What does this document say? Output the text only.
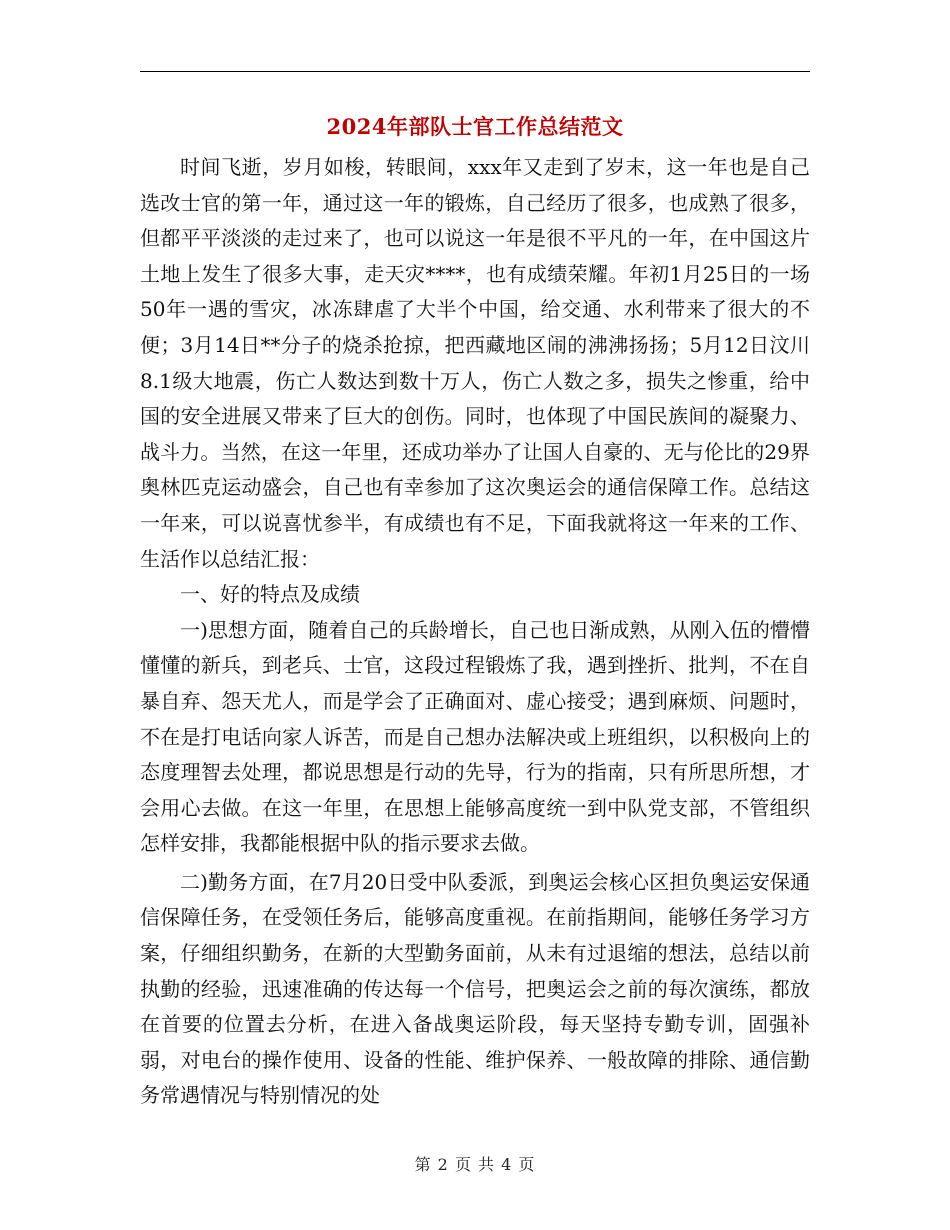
2024年部队士官工作总结范文

时间飞逝，岁月如梭，转眼间，xxx年又走到了岁末，这一年也是自己选改士官的第一年，通过这一年的锻炼，自己经历了很多，也成熟了很多，但都平平淡淡的走过来了，也可以说这一年是很不平凡的一年，在中国这片土地上发生了很多大事，走天灾****，也有成绩荣耀。年初1月25日的一场50年一遇的雪灾，冰冻肆虐了大半个中国，给交通、水利带来了很大的不便；3月14日**分子的烧杀抢掠，把西藏地区闹的沸沸扬扬；5月12日汶川8.1级大地震，伤亡人数达到数十万人，伤亡人数之多，损失之惨重，给中国的安全进展又带来了巨大的创伤。同时，也体现了中国民族间的凝聚力、战斗力。当然，在这一年里，还成功举办了让国人自豪的、无与伦比的29界奥林匹克运动盛会，自己也有幸参加了这次奥运会的通信保障工作。总结这一年来，可以说喜忧参半，有成绩也有不足，下面我就将这一年来的工作、生活作以总结汇报：

一、好的特点及成绩

一)思想方面，随着自己的兵龄增长，自己也日渐成熟，从刚入伍的懵懵懂懂的新兵，到老兵、士官，这段过程锻炼了我，遇到挫折、批判，不在自暴自弃、怨天尤人，而是学会了正确面对、虚心接受；遇到麻烦、问题时，不在是打电话向家人诉苦，而是自己想办法解决或上班组织，以积极向上的态度理智去处理，都说思想是行动的先导，行为的指南，只有所思所想，才会用心去做。在这一年里，在思想上能够高度统一到中队党支部，不管组织怎样安排，我都能根据中队的指示要求去做。

二)勤务方面，在7月20日受中队委派，到奥运会核心区担负奥运安保通信保障任务，在受领任务后，能够高度重视。在前指期间，能够任务学习方案，仔细组织勤务，在新的大型勤务面前，从未有过退缩的想法，总结以前执勤的经验，迅速准确的传达每一个信号，把奥运会之前的每次演练，都放在首要的位置去分析，在进入备战奥运阶段，每天坚持专勤专训，固强补弱，对电台的操作使用、设备的性能、维护保养、一般故障的排除、通信勤务常遇情况与特别情况的处

第 2 页 共 4 页
